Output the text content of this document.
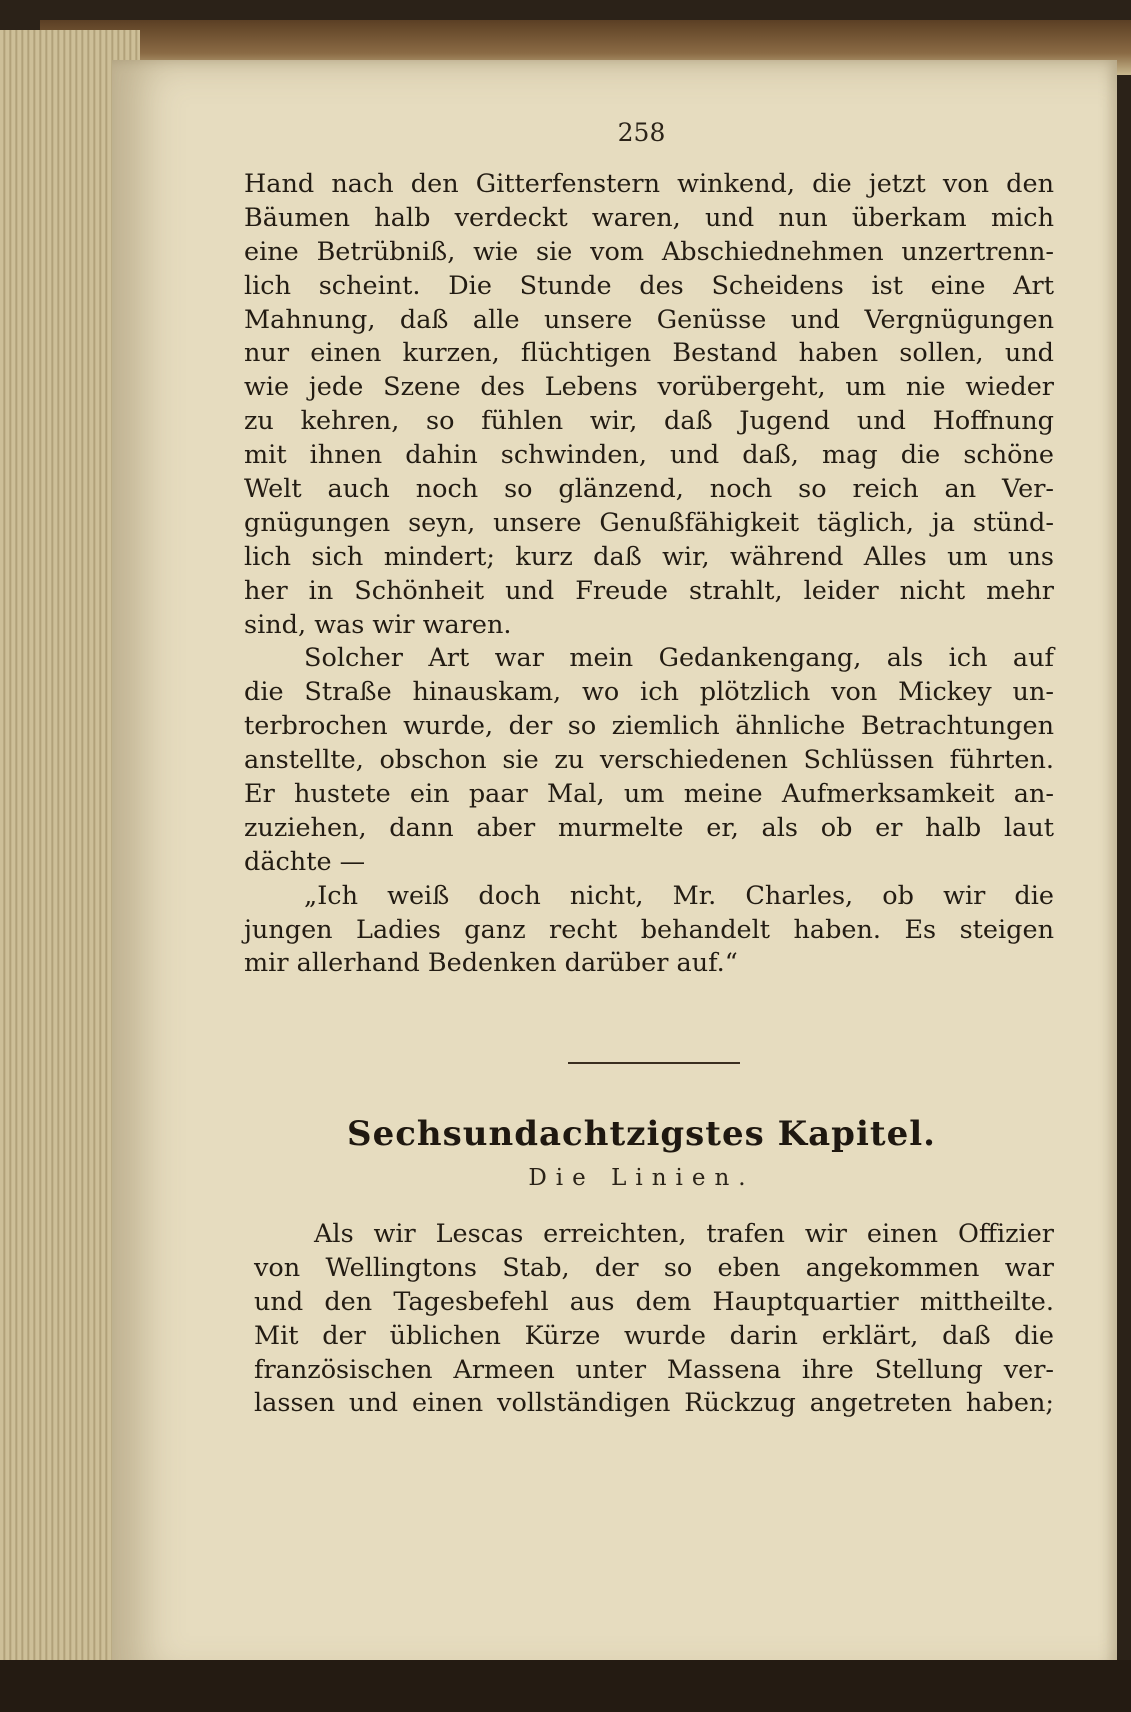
258
Hand nach den Gitterfenstern winkend, die jetzt von den
Bäumen halb verdeckt waren, und nun überkam mich
eine Betrübniß, wie sie vom Abschiednehmen unzertrenn-
lich scheint. Die Stunde des Scheidens ist eine Art
Mahnung, daß alle unsere Genüsse und Vergnügungen
nur einen kurzen, flüchtigen Bestand haben sollen, und
wie jede Szene des Lebens vorübergeht, um nie wieder
zu kehren, so fühlen wir, daß Jugend und Hoffnung
mit ihnen dahin schwinden, und daß, mag die schöne
Welt auch noch so glänzend, noch so reich an Ver-
gnügungen seyn, unsere Genußfähigkeit täglich, ja stünd-
lich sich mindert; kurz daß wir, während Alles um uns
her in Schönheit und Freude strahlt, leider nicht mehr
sind, was wir waren.
Solcher Art war mein Gedankengang, als ich auf
die Straße hinauskam, wo ich plötzlich von Mickey un-
terbrochen wurde, der so ziemlich ähnliche Betrachtungen
anstellte, obschon sie zu verschiedenen Schlüssen führten.
Er hustete ein paar Mal, um meine Aufmerksamkeit an-
zuziehen, dann aber murmelte er, als ob er halb laut
dächte —
„Ich weiß doch nicht, Mr. Charles, ob wir die
jungen Ladies ganz recht behandelt haben. Es steigen
mir allerhand Bedenken darüber auf.“
Sechsundachtzigstes Kapitel.
Die Linien.
Als wir Lescas erreichten, trafen wir einen Offizier
von Wellingtons Stab, der so eben angekommen war
und den Tagesbefehl aus dem Hauptquartier mittheilte.
Mit der üblichen Kürze wurde darin erklärt, daß die
französischen Armeen unter Massena ihre Stellung ver-
lassen und einen vollständigen Rückzug angetreten haben;
